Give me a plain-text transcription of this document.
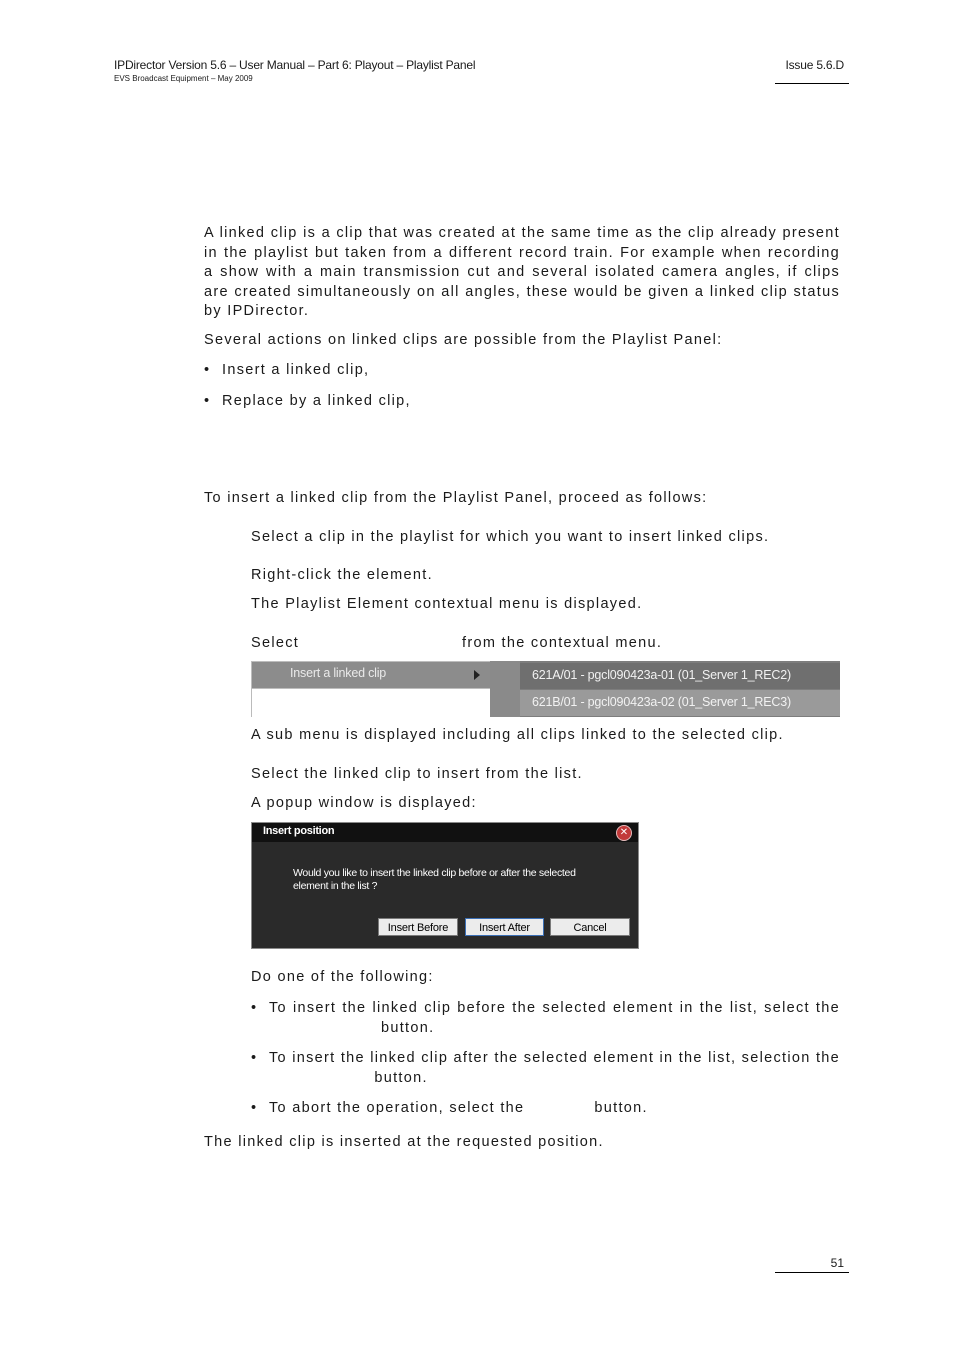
IPDirector Version 5.6 – User Manual – Part 6: Playout – Playlist Panel
EVS Broadcast Equipment – May 2009
Issue 5.6.D
A linked clip is a clip that was created at the same time as the clip already present in the playlist but taken from a different record train. For example when recording a show with a main transmission cut and several isolated camera angles, if clips are created simultaneously on all angles, these would be given a linked clip status by IPDirector.
Several actions on linked clips are possible from the Playlist Panel:
• Insert a linked clip,
• Replace by a linked clip,
To insert a linked clip from the Playlist Panel, proceed as follows:
Select a clip in the playlist for which you want to insert linked clips.
Right-click the element.
The Playlist Element contextual menu is displayed.
Select	from the contextual menu.
Insert a linked clip	621A/01 - pgcl090423a-01 (01_Server 1_REC2)
621B/01 - pgcl090423a-02 (01_Server 1_REC3)
A sub menu is displayed including all clips linked to the selected clip.
Select the linked clip to insert from the list.
A popup window is displayed:
Insert position	✕
Would you like to insert the linked clip before or after the selected element in the list ?
Insert Before	Insert After	Cancel
Do one of the following:
• To insert the linked clip before the selected element in the list, select the
button.
• To insert the linked clip after the selected element in the list, selection the  button.
• To abort the operation, select the	button.
The linked clip is inserted at the requested position.
51
